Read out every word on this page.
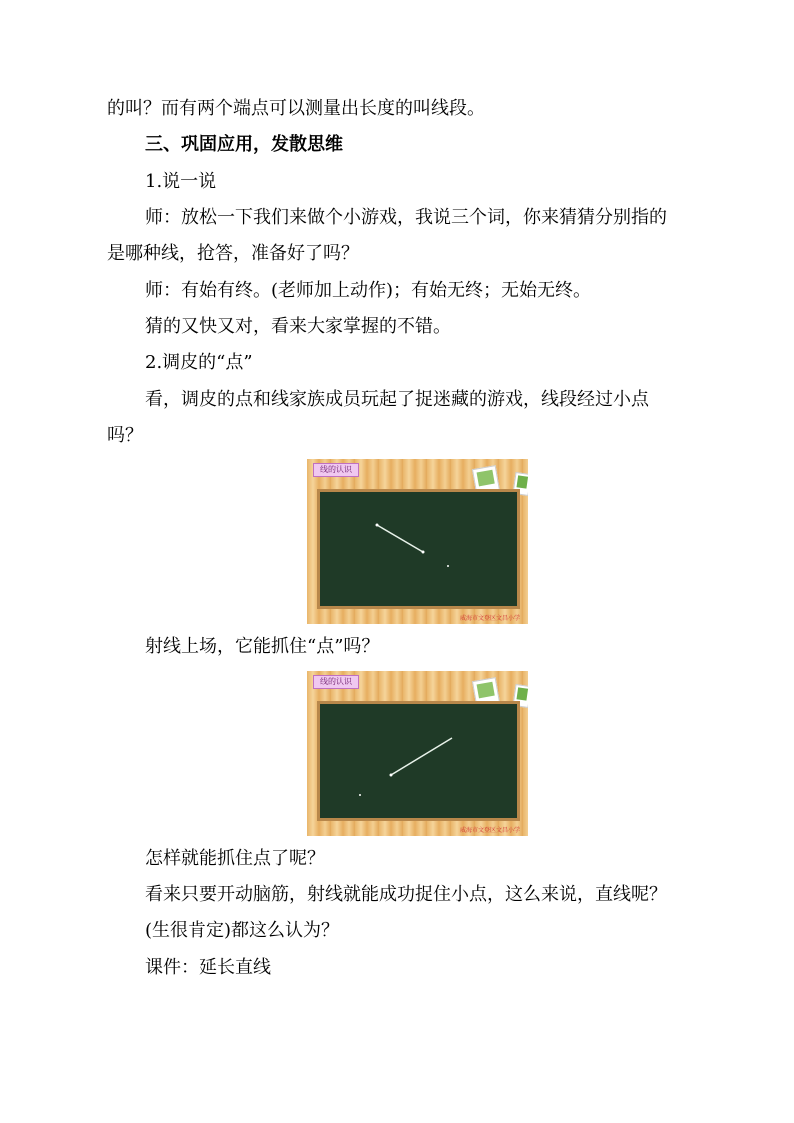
的叫？而有两个端点可以测量出长度的叫线段。
三、巩固应用，发散思维
1.说一说
师：放松一下我们来做个小游戏，我说三个词，你来猜猜分别指的
是哪种线，抢答，准备好了吗？
师：有始有终。(老师加上动作)；有始无终；无始无终。
猜的又快又对，看来大家掌握的不错。
2.调皮的“点”
看，调皮的点和线家族成员玩起了捉迷藏的游戏，线段经过小点
吗？
线的认识
威海市文登区文昌小学
射线上场，它能抓住“点”吗？
线的认识
威海市文登区文昌小学
怎样就能抓住点了呢？
看来只要开动脑筋，射线就能成功捉住小点，这么来说，直线呢？
(生很肯定)都这么认为？
课件：延长直线
